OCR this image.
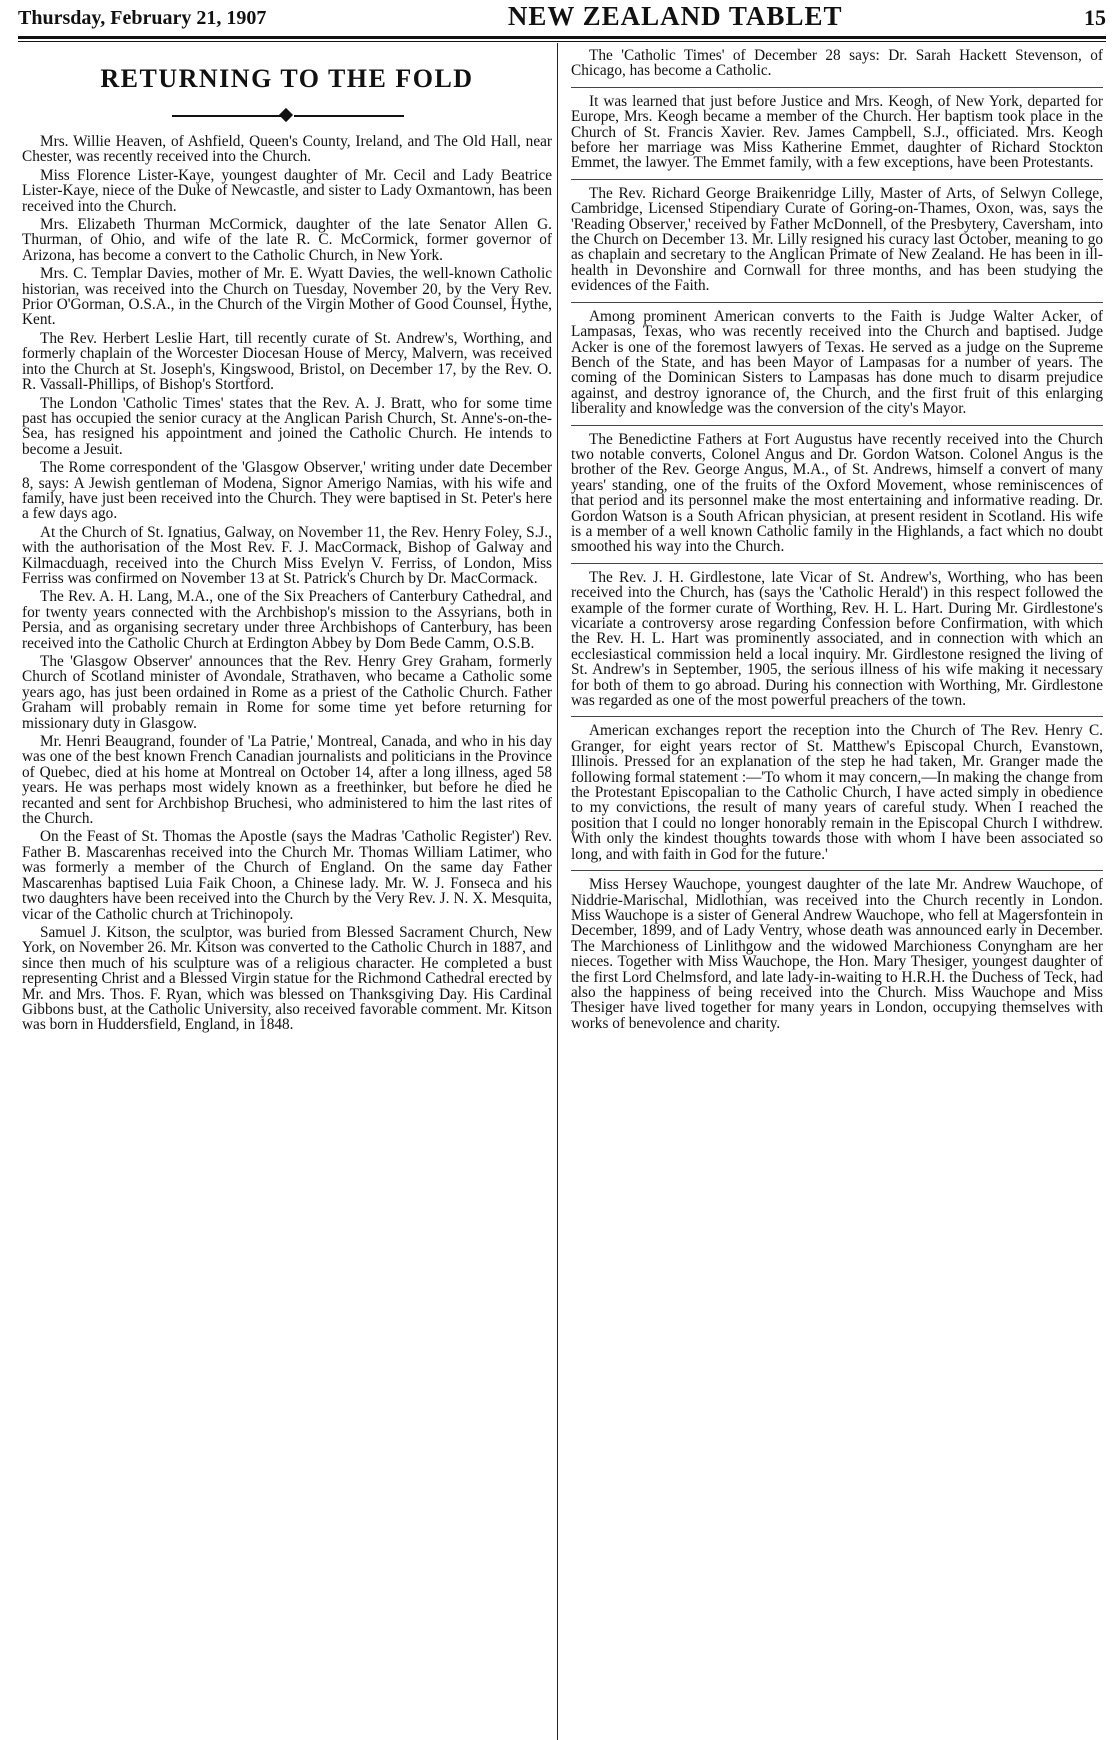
Thursday, February 21, 1907	NEW ZEALAND TABLET	15
RETURNING TO THE FOLD

Mrs. Willie Heaven, of Ashfield, Queen's County, Ireland, and The Old Hall, near Chester, was recently received into the Church.

Miss Florence Lister-Kaye, youngest daughter of Mr. Cecil and Lady Beatrice Lister-Kaye, niece of the Duke of Newcastle, and sister to Lady Oxmantown, has been received into the Church.

Mrs. Elizabeth Thurman McCormick, daughter of the late Senator Allen G. Thurman, of Ohio, and wife of the late R. C. McCormick, former governor of Arizona, has become a convert to the Catholic Church, in New York.

Mrs. C. Templar Davies, mother of Mr. E. Wyatt Davies, the well-known Catholic historian, was received into the Church on Tuesday, November 20, by the Very Rev. Prior O'Gorman, O.S.A., in the Church of the Virgin Mother of Good Counsel, Hythe, Kent.

The Rev. Herbert Leslie Hart, till recently curate of St. Andrew's, Worthing, and formerly chaplain of the Worcester Diocesan House of Mercy, Malvern, was received into the Church at St. Joseph's, Kingswood, Bristol, on December 17, by the Rev. O. R. Vassall-Phillips, of Bishop's Stortford.

The London 'Catholic Times' states that the Rev. A. J. Bratt, who for some time past has occupied the senior curacy at the Anglican Parish Church, St. Anne's-on-the-Sea, has resigned his appointment and joined the Catholic Church. He intends to become a Jesuit.

The Rome correspondent of the 'Glasgow Observer,' writing under date December 8, says: A Jewish gentleman of Modena, Signor Amerigo Namias, with his wife and family, have just been received into the Church. They were baptised in St. Peter's here a few days ago.

At the Church of St. Ignatius, Galway, on November 11, the Rev. Henry Foley, S.J., with the authorisation of the Most Rev. F. J. MacCormack, Bishop of Galway and Kilmacduagh, received into the Church Miss Evelyn V. Ferriss, of London, Miss Ferriss was confirmed on November 13 at St. Patrick's Church by Dr. MacCormack.

The Rev. A. H. Lang, M.A., one of the Six Preachers of Canterbury Cathedral, and for twenty years connected with the Archbishop's mission to the Assyrians, both in Persia, and as organising secretary under three Archbishops of Canterbury, has been received into the Catholic Church at Erdington Abbey by Dom Bede Camm, O.S.B.

The 'Glasgow Observer' announces that the Rev. Henry Grey Graham, formerly Church of Scotland minister of Avondale, Strathaven, who became a Catholic some years ago, has just been ordained in Rome as a priest of the Catholic Church. Father Graham will probably remain in Rome for some time yet before returning for missionary duty in Glasgow.

Mr. Henri Beaugrand, founder of 'La Patrie,' Montreal, Canada, and who in his day was one of the best known French Canadian journalists and politicians in the Province of Quebec, died at his home at Montreal on October 14, after a long illness, aged 58 years. He was perhaps most widely known as a freethinker, but before he died he recanted and sent for Archbishop Bruchesi, who administered to him the last rites of the Church.

On the Feast of St. Thomas the Apostle (says the Madras 'Catholic Register') Rev. Father B. Mascarenhas received into the Church Mr. Thomas William Latimer, who was formerly a member of the Church of England. On the same day Father Mascarenhas baptised Luia Faik Choon, a Chinese lady. Mr. W. J. Fonseca and his two daughters have been received into the Church by the Very Rev. J. N. X. Mesquita, vicar of the Catholic church at Trichinopoly.

Samuel J. Kitson, the sculptor, was buried from Blessed Sacrament Church, New York, on November 26. Mr. Kitson was converted to the Catholic Church in 1887, and since then much of his sculpture was of a religious character. He completed a bust representing Christ and a Blessed Virgin statue for the Richmond Cathedral erected by Mr. and Mrs. Thos. F. Ryan, which was blessed on Thanksgiving Day. His Cardinal Gibbons bust, at the Catholic University, also received favorable comment. Mr. Kitson was born in Huddersfield, England, in 1848.

The 'Catholic Times' of December 28 says: Dr. Sarah Hackett Stevenson, of Chicago, has become a Catholic.

It was learned that just before Justice and Mrs. Keogh, of New York, departed for Europe, Mrs. Keogh became a member of the Church. Her baptism took place in the Church of St. Francis Xavier. Rev. James Campbell, S.J., officiated. Mrs. Keogh before her marriage was Miss Katherine Emmet, daughter of Richard Stockton Emmet, the lawyer. The Emmet family, with a few exceptions, have been Protestants.

The Rev. Richard George Braikenridge Lilly, Master of Arts, of Selwyn College, Cambridge, Licensed Stipendiary Curate of Goring-on-Thames, Oxon, was, says the 'Reading Observer,' received by Father McDonnell, of the Presbytery, Caversham, into the Church on December 13. Mr. Lilly resigned his curacy last October, meaning to go as chaplain and secretary to the Anglican Primate of New Zealand. He has been in ill-health in Devonshire and Cornwall for three months, and has been studying the evidences of the Faith.

Among prominent American converts to the Faith is Judge Walter Acker, of Lampasas, Texas, who was recently received into the Church and baptised. Judge Acker is one of the foremost lawyers of Texas. He served as a judge on the Supreme Bench of the State, and has been Mayor of Lampasas for a number of years. The coming of the Dominican Sisters to Lampasas has done much to disarm prejudice against, and destroy ignorance of, the Church, and the first fruit of this enlarging liberality and knowledge was the conversion of the city's Mayor.

The Benedictine Fathers at Fort Augustus have recently received into the Church two notable converts, Colonel Angus and Dr. Gordon Watson. Colonel Angus is the brother of the Rev. George Angus, M.A., of St. Andrews, himself a convert of many years' standing, one of the fruits of the Oxford Movement, whose reminiscences of that period and its personnel make the most entertaining and informative reading. Dr. Gordon Watson is a South African physician, at present resident in Scotland. His wife is a member of a well known Catholic family in the Highlands, a fact which no doubt smoothed his way into the Church.

The Rev. J. H. Girdlestone, late Vicar of St. Andrew's, Worthing, who has been received into the Church, has (says the 'Catholic Herald') in this respect followed the example of the former curate of Worthing, Rev. H. L. Hart. During Mr. Girdlestone's vicariate a controversy arose regarding Confession before Confirmation, with which the Rev. H. L. Hart was prominently associated, and in connection with which an ecclesiastical commission held a local inquiry. Mr. Girdlestone resigned the living of St. Andrew's in September, 1905, the serious illness of his wife making it necessary for both of them to go abroad. During his connection with Worthing, Mr. Girdlestone was regarded as one of the most powerful preachers of the town.

American exchanges report the reception into the Church of The Rev. Henry C. Granger, for eight years rector of St. Matthew's Episcopal Church, Evanstown, Illinois. Pressed for an explanation of the step he had taken, Mr. Granger made the following formal statement :—'To whom it may concern,—In making the change from the Protestant Episcopalian to the Catholic Church, I have acted simply in obedience to my convictions, the result of many years of careful study. When I reached the position that I could no longer honorably remain in the Episcopal Church I withdrew. With only the kindest thoughts towards those with whom I have been associated so long, and with faith in God for the future.'

Miss Hersey Wauchope, youngest daughter of the late Mr. Andrew Wauchope, of Niddrie-Marischal, Midlothian, was received into the Church recently in London. Miss Wauchope is a sister of General Andrew Wauchope, who fell at Magersfontein in December, 1899, and of Lady Ventry, whose death was announced early in December. The Marchioness of Linlithgow and the widowed Marchioness Conyngham are her nieces. Together with Miss Wauchope, the Hon. Mary Thesiger, youngest daughter of the first Lord Chelmsford, and late lady-in-waiting to H.R.H. the Duchess of Teck, had also the happiness of being received into the Church. Miss Wauchope and Miss Thesiger have lived together for many years in London, occupying themselves with works of benevolence and charity.
